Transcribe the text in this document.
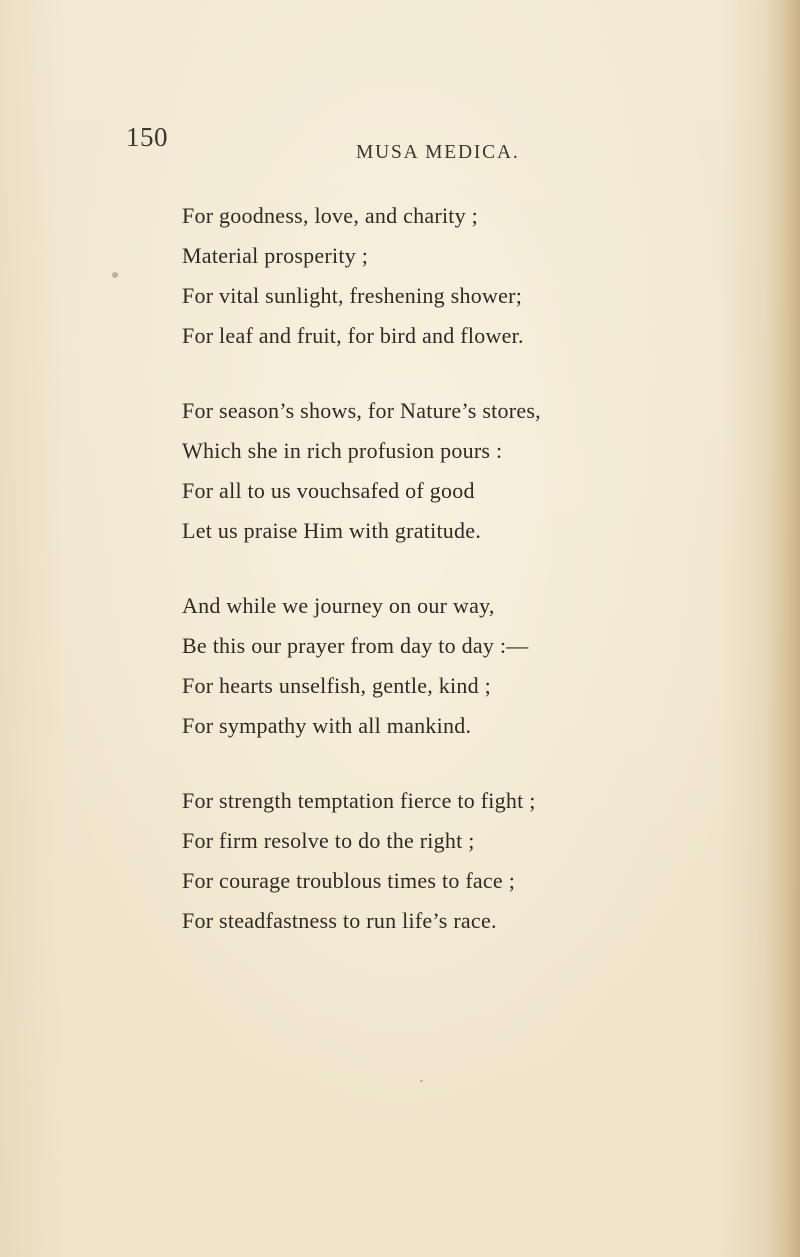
150
MUSA MEDICA.
For goodness, love, and charity ;
Material prosperity ;
For vital sunlight, freshening shower;
For leaf and fruit, for bird and flower.
For season’s shows, for Nature’s stores,
Which she in rich profusion pours :
For all to us vouchsafed of good
Let us praise Him with gratitude.
And while we journey on our way,
Be this our prayer from day to day :—
For hearts unselfish, gentle, kind ;
For sympathy with all mankind.
For strength temptation fierce to fight ;
For firm resolve to do the right ;
For courage troublous times to face ;
For steadfastness to run life’s race.
